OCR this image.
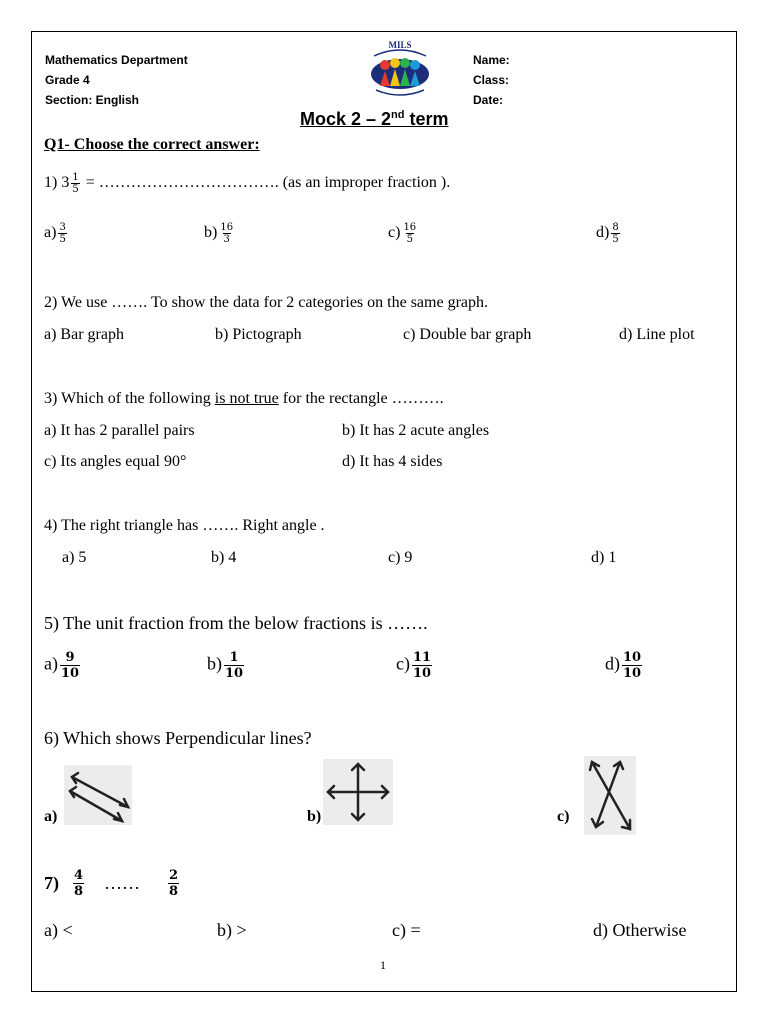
Mathematics Department
Grade 4
Section: English
MILS
Name:
Class:
Date:
Mock 2 – 2nd term
Q1- Choose the correct answer:
1) $3 \frac{1}{5}$ = ……………………………. (as an improper fraction ).
$a) \frac{3}{5}$	$b) \frac{16}{3}$	$c) \frac{16}{5}$	$d) \frac{8}{5}$
2) We use ……. To show the data for 2 categories on the same graph.
a) Bar graph	b) Pictograph	c) Double bar graph	d) Line plot
3) Which of the following is not true for the rectangle ……….
a) It has 2 parallel pairs	b) It has 2 acute angles
c) Its angles equal 90°	d) It has 4 sides
4) The right triangle has ……. Right angle .
a) 5	b) 4	c) 9	d) 1
5) The unit fraction from the below fractions is …….
$a) \frac{9}{10}$	$b) \frac{1}{10}$	$c) \frac{11}{10}$	$d) \frac{10}{10}$
6) Which shows Perpendicular lines?
a)	b)	c)
$7) \frac{4}{8}$ …… $\frac{2}{8}$
a) <	b) >	c) =	d) Otherwise
1
